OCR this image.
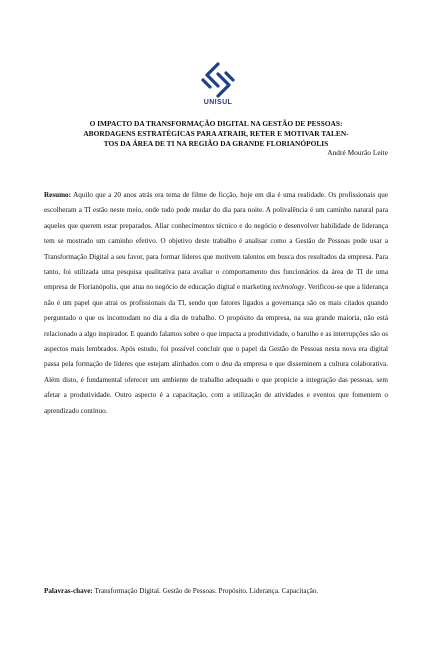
UNISUL
O IMPACTO DA TRANSFORMAÇÃO DIGITAL NA GESTÃO DE PESSOAS:
ABORDAGENS ESTRATÉGICAS PARA ATRAIR, RETER E MOTIVAR TALEN-
TOS DA ÁREA DE TI NA REGIÃO DA GRANDE FLORIANÓPOLIS
André Mourão Leite

Resumo: Aquilo que a 20 anos atrás era tema de filme de ficção, hoje em dia é uma realidade. Os profissionais que escolheram a TI estão neste meio, onde tudo pode mudar do dia para noite. A polivalência é um caminho natural para aqueles que querem estar preparados. Aliar conhecimentos técnico e do negócio e desenvolver habilidade de liderança tem se mostrado um caminho efetivo. O objetivo deste trabalho é analisar como a Gestão de Pessoas pode usar a Transformação Digital a seu favor, para formar líderes que motivem talentos em busca dos resultados da empresa. Para tanto, foi utilizada uma pesquisa qualitativa para avaliar o comportamento dos funcionários da área de TI de uma empresa de Florianópolis, que atua no negócio de educação digital e marketing technology. Verificou-se que a liderança não é um papel que atrai os profissionais da TI, sendo que fatores ligados a governança são os mais citados quando perguntado o que os incomodam no dia a dia de trabalho. O propósito da empresa, na sua grande maioria, não está relacionado a algo inspirador. E quando falamos sobre o que impacta a produtividade, o barulho e as interrupções são os aspectos mais lembrados. Após estudo, foi possível concluir que o papel da Gestão de Pessoas nesta nova era digital passa pela formação de líderes que estejam alinhados com o dna da empresa e que disseminem a cultura colaborativa. Além disto, é fundamental oferecer um ambiente de trabalho adequado e que propicie a integração das pessoas, sem afetar a produtividade. Outro aspecto é a capacitação, com a utilização de atividades e eventos que fomentem o aprendizado contínuo.

Palavras-chave: Transformação Digital. Gestão de Pessoas. Propósito. Liderança. Capacitação.
